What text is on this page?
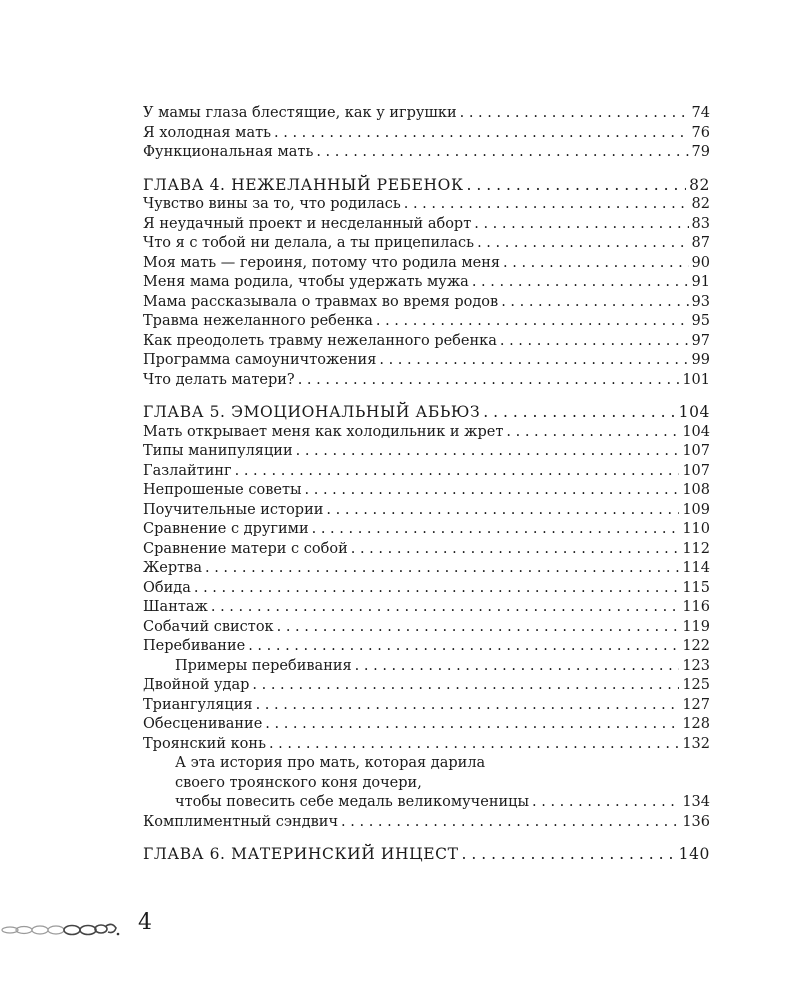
У мамы глаза блестящие, как у игрушки . . .	74
Я холодная мать . . .	76
Функциональная мать . . .	79
ГЛАВА 4. НЕЖЕЛАННЫЙ РЕБЕНОК . . .	82
Чувство вины за то, что родилась . . .	82
Я неудачный проект и несделанный аборт . . .	83
Что я с тобой ни делала, а ты прицепилась . . .	87
Моя мать — героиня, потому что родила меня . . .	90
Меня мама родила, чтобы удержать мужа . . .	91
Мама рассказывала о травмах во время родов . . .	93
Травма нежеланного ребенка . . .	95
Как преодолеть травму нежеланного ребенка . . .	97
Программа самоуничтожения . . .	99
Что делать матери? . . .	101
ГЛАВА 5. ЭМОЦИОНАЛЬНЫЙ АБЬЮЗ . . .	104
Мать открывает меня как холодильник и жрет . . .	104
Типы манипуляции . . .	107
Газлайтинг . . .	107
Непрошеные советы . . .	108
Поучительные истории . . .	109
Сравнение с другими . . .	110
Сравнение матери с собой . . .	112
Жертва . . .	114
Обида . . .	115
Шантаж . . .	116
Собачий свисток . . .	119
Перебивание . . .	122
Примеры перебивания . . .	123
Двойной удар . . .	125
Триангуляция . . .	127
Обесценивание . . .	128
Троянский конь . . .	132
А эта история про мать, которая дарила
своего троянского коня дочери,
чтобы повесить себе медаль великомученицы . . .	134
Комплиментный сэндвич . . .	136
ГЛАВА 6. МАТЕРИНСКИЙ ИНЦЕСТ . . .	140
4
